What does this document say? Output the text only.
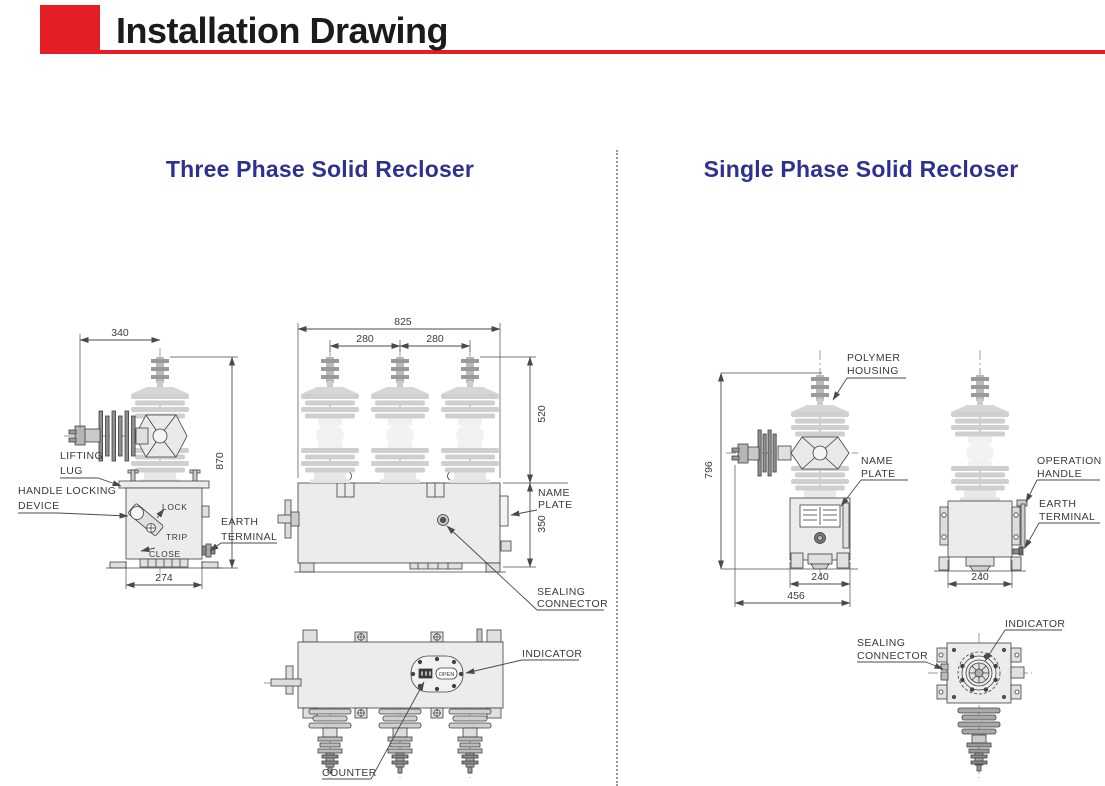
Installation Drawing
Three Phase Solid Recloser	Single Phase Solid Recloser
340
870
274
LIFTING
LUG
HANDLE LOCKING
DEVICE	LOCK
TRIP
CLOSE
EARTH
TERMINAL
825
280	280
520
350
NAME
PLATE
SEALING
CONNECTOR
OPEN
INDICATOR
COUNTER
796
240
456
POLYMER
HOUSING
NAME
PLATE
240
OPERATION
HANDLE
EARTH
TERMINAL
INDICATOR
SEALING
CONNECTOR
